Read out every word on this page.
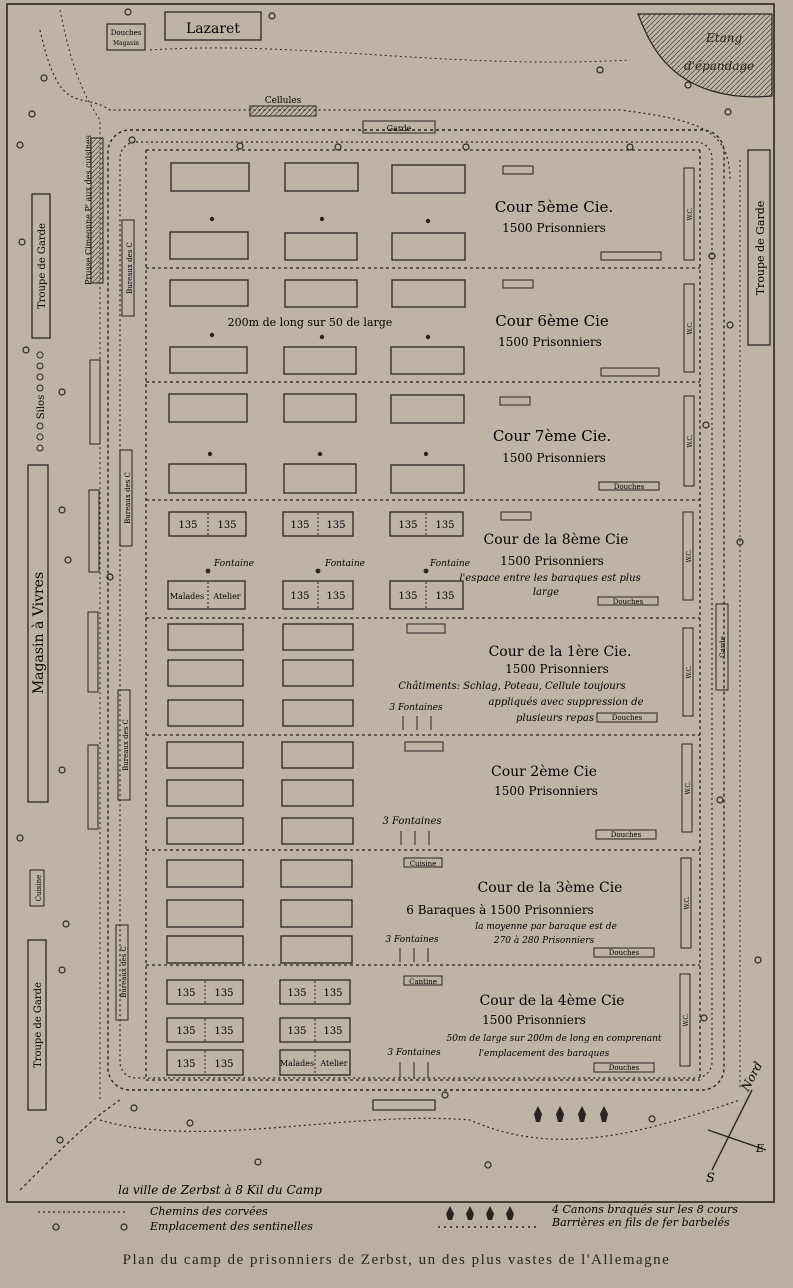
Etang
d'épandage
Douches
Magasin
Lazaret
Cellules
Garde
Troupe de Garde
Silos
Magasin à Vivres
Cuisine
Troupe de Garde
Prusse Cimeonne P' aux des cuisines	Bureaux des C
Bureaux des C
Bureaux des C
Bureaux des C
Troupe de Garde
Garde
W.C.
W.C.
W.C.
W.C.
W.C.
W.C.
W.C.
W.C.
135 135	135 135	135 135
135 135	135 135
135 135	135 135
135 135	135 135
135 135
Malades Atelier
Malades Atelier
Fontaine	Fontaine	Fontaine
Douches
Douches
Douches
Douches
Douches
Douches
Cuisine
Cantine
Cour 5ème Cie.
1500 Prisonniers
Cour 6ème Cie
1500 Prisonniers
200m de long sur 50 de large
Cour 7ème Cie.
1500 Prisonniers
Cour de la 8ème Cie
1500 Prisonniers
l'espace entre les baraques est plus
large
Cour de la 1ère Cie.
1500 Prisonniers
Châtiments: Schlag, Poteau, Cellule toujours
appliqués avec suppression de
plusieurs repas
3 Fontaines
Cour 2ème Cie
1500 Prisonniers
3 Fontaines
Cour de la 3ème Cie
6 Baraques à 1500 Prisonniers
la moyenne par baraque est de
270 à 280 Prisonniers
3 Fontaines
Cour de la 4ème Cie
1500 Prisonniers
50m de large sur 200m de long en comprenant
l'emplacement des baraques
3 Fontaines
Nord
S
E
la ville de Zerbst à 8 Kil du Camp
Chemins des corvées
Emplacement des sentinelles
4 Canons braqués sur les 8 cours
Barrières en fils de fer barbelés
Plan du camp de prisonniers de Zerbst, un des plus vastes de l'Allemagne
